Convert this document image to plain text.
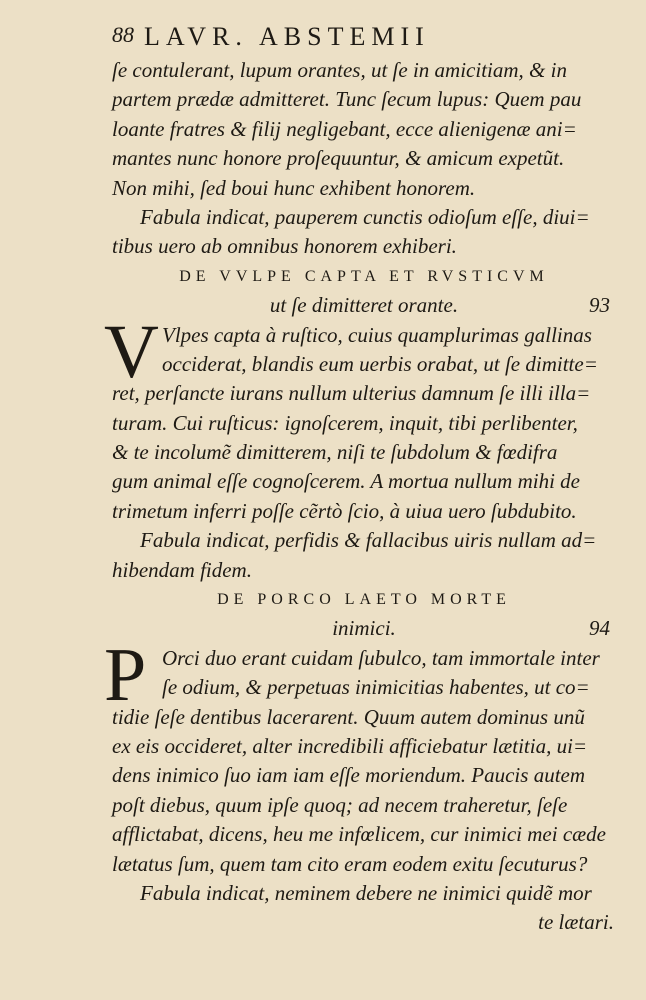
88 LAVR. ABSTEMII
ſe contulerant, lupum orantes, ut ſe in amicitiam, & in
partem prædæ admitteret. Tunc ſecum lupus: Quem pau
loante fratres & filij negligebant, ecce alienigenæ ani=
mantes nunc honore proſequuntur, & amicum expetũt.
Non mihi, ſed boui hunc exhibent honorem.
Fabula indicat, pauperem cunctis odioſum eſſe, diui=
tibus uero ab omnibus honorem exhiberi.
DE VVLPE CAPTA ET RVSTICVM
ut ſe dimitteret orante.	93
V Vlpes capta à ruſtico, cuius quamplurimas gallinas
occiderat, blandis eum uerbis orabat, ut ſe dimitte=
ret, perſancte iurans nullum ulterius damnum ſe illi illa=
turam. Cui ruſticus: ignoſcerem, inquit, tibi perlibenter,
& te incolumẽ dimitterem, niſi te ſubdolum & fœdifra
gum animal eſſe cognoſcerem. A mortua nullum mihi de
trimetum inferri poſſe cẽrtò ſcio, à uiua uero ſubdubito.
Fabula indicat, perfidis & fallacibus uiris nullam ad=
hibendam fidem.
DE PORCO LAETO MORTE
inimici.	94
P Orci duo erant cuidam ſubulco, tam immortale inter
ſe odium, & perpetuas inimicitias habentes, ut co=
tidie ſeſe dentibus lacerarent. Quum autem dominus unũ
ex eis occideret, alter incredibili afficiebatur lætitia, ui=
dens inimico ſuo iam iam eſſe moriendum. Paucis autem
poſt diebus, quum ipſe quoq; ad necem traheretur, ſeſe
afflictabat, dicens, heu me infœlicem, cur inimici mei cæde
lætatus ſum, quem tam cito eram eodem exitu ſecuturus?
Fabula indicat, neminem debere ne inimici quidẽ mor
te lætari.
